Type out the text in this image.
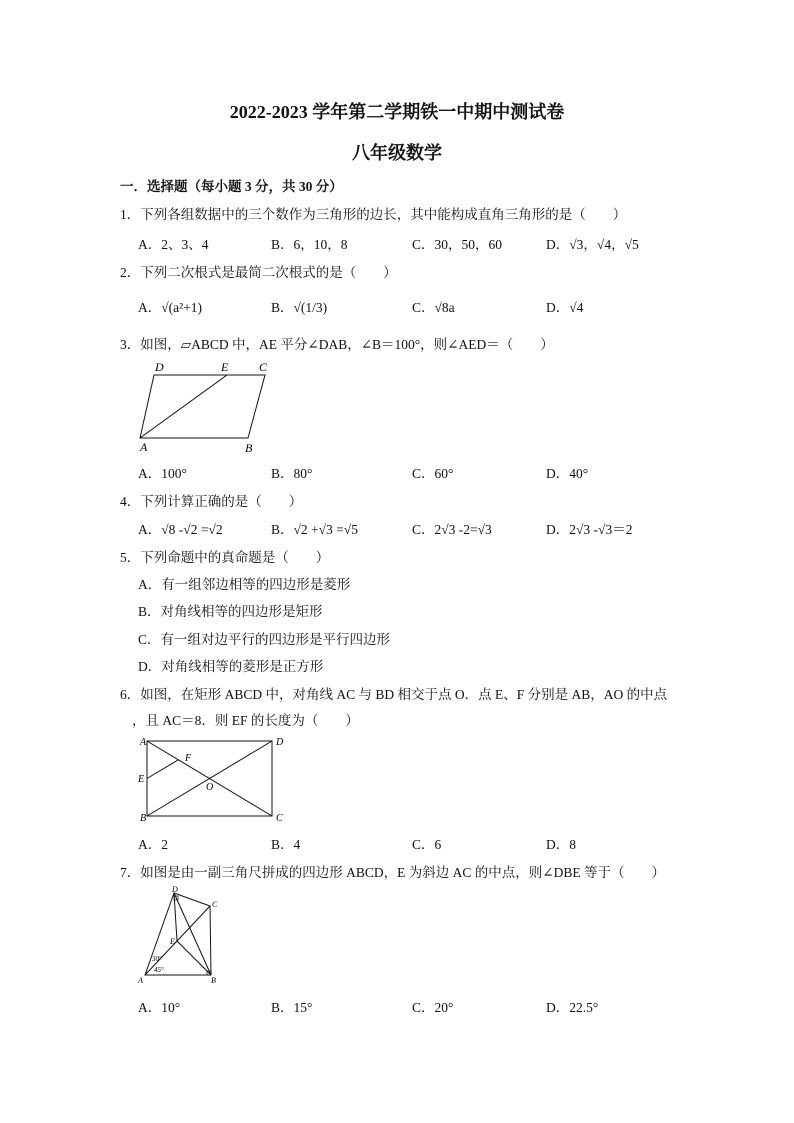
2022-2023 学年第二学期铁一中期中测试卷
八年级数学
一．选择题（每小题 3 分，共 30 分）
1．下列各组数据中的三个数作为三角形的边长，其中能构成直角三角形的是（　　）
A．2、3、4	B．6，10，8	C．30，50，60	D．√3，√4，√5
2．下列二次根式是最简二次根式的是（　　）
A．√(a²+1)	B．√(1/3)	C．√8a	D．√4
3．如图，▱ABCD 中，AE 平分∠DAB，∠B＝100°，则∠AED＝（　　）
D	E	C
A	B
A．100°	B．80°	C．60°	D．40°
4．下列计算正确的是（　　）
A．√8 -√2 =√2	B．√2 +√3 =√5	C．2√3 -2=√3	D．2√3 -√3＝2
5．下列命题中的真命题是（　　）
A．有一组邻边相等的四边形是菱形
B．对角线相等的四边形是矩形
C．有一组对边平行的四边形是平行四边形
D．对角线相等的菱形是正方形
6．如图，在矩形 ABCD 中，对角线 AC 与 BD 相交于点 O．点 E、F 分别是 AB，AO 的中点
，且 AC＝8．则 EF 的长度为（　　）
A	D
F
E
O
B	C
A．2	B．4	C．6	D．8
7．如图是由一副三角尺拼成的四边形 ABCD，E 为斜边 AC 的中点，则∠DBE 等于（　　）
D
C
E
30°
45°
A	B
A．10°	B．15°	C．20°	D．22.5°
